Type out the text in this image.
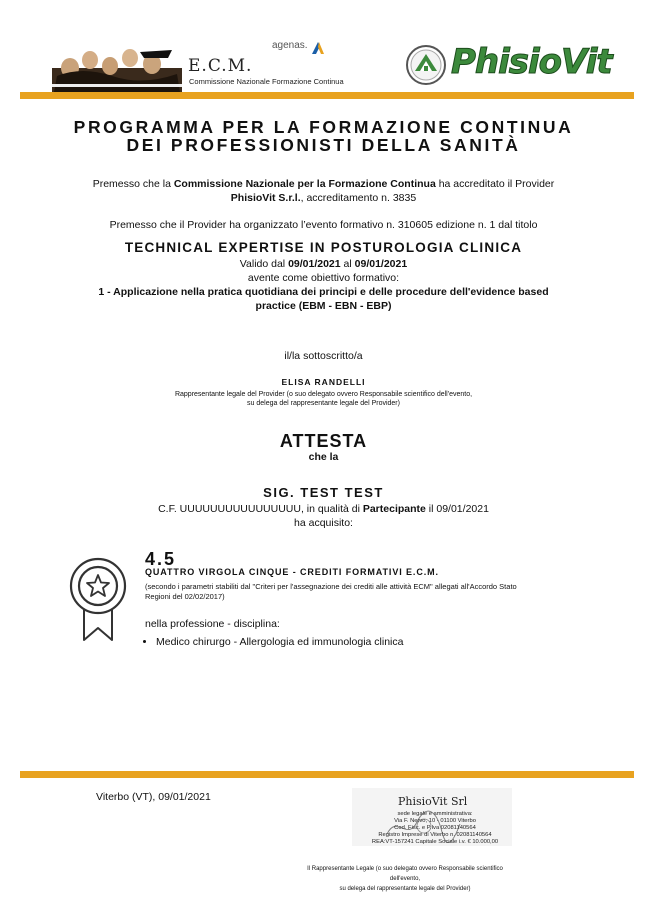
E.C.M.
Commissione Nazionale Formazione Continua
agenas.	PhisioVit
PROGRAMMA PER LA FORMAZIONE CONTINUA
DEI PROFESSIONISTI DELLA SANITÀ
Premesso che la Commissione Nazionale per la Formazione Continua ha accreditato il Provider
PhisioVit S.r.l., accreditamento n. 3835
Premesso che il Provider ha organizzato l’evento formativo n. 310605 edizione n. 1 dal titolo
TECHNICAL EXPERTISE IN POSTUROLOGIA CLINICA
Valido dal 09/01/2021 al 09/01/2021
avente come obiettivo formativo:
1 - Applicazione nella pratica quotidiana dei principi e delle procedure dell'evidence based
practice (EBM - EBN - EBP)
il/la sottoscritto/a
ELISA RANDELLI
Rappresentante legale del Provider (o suo delegato ovvero Responsabile scientifico dell'evento,
su delega del rappresentante legale del Provider)
ATTESTA
che la
SIG. TEST TEST
C.F. UUUUUUUUUUUUUUUU, in qualità di Partecipante il 09/01/2021
ha acquisito:
4.5
QUATTRO VIRGOLA CINQUE - CREDITI FORMATIVI E.C.M.
(secondo i parametri stabiliti dal "Criteri per l'assegnazione dei crediti alle attività ECM" allegati all'Accordo Stato
Regioni del 02/02/2017)
nella professione - disciplina:
• Medico chirurgo - Allergologia ed immunologia clinica
Viterbo (VT), 09/01/2021	PhisioVit Srl
sede legale e amministrativa:
Via F. Nervo, 10 - 01100 Viterbo
Cod. Fisc. e P.Iva 02081140564
Registro Imprese di Viterbo n. 02081140564
REA:VT-157241 Capitale Sociale i.v. € 10.000,00
Il Rappresentante Legale (o suo delegato ovvero Responsabile scientifico dell'evento,
su delega del rappresentante legale del Provider)
